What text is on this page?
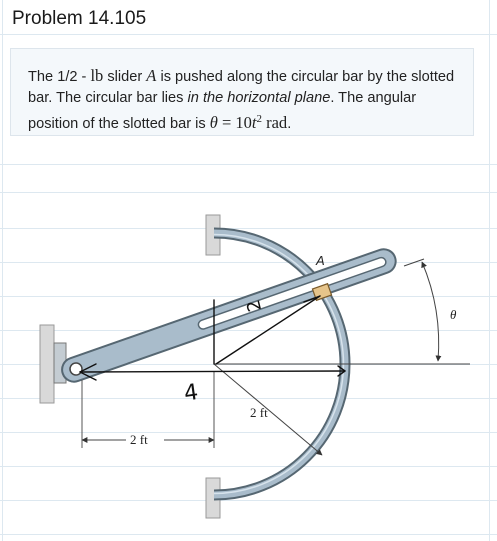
Problem 14.105
The 1/2 - lb slider A is pushed along the circular bar by the slotted bar. The circular bar lies in the horizontal plane. The angular position of the slotted bar is $\theta = 10t^2$ rad.
A
θ
2 ft
2 ft
4
2
